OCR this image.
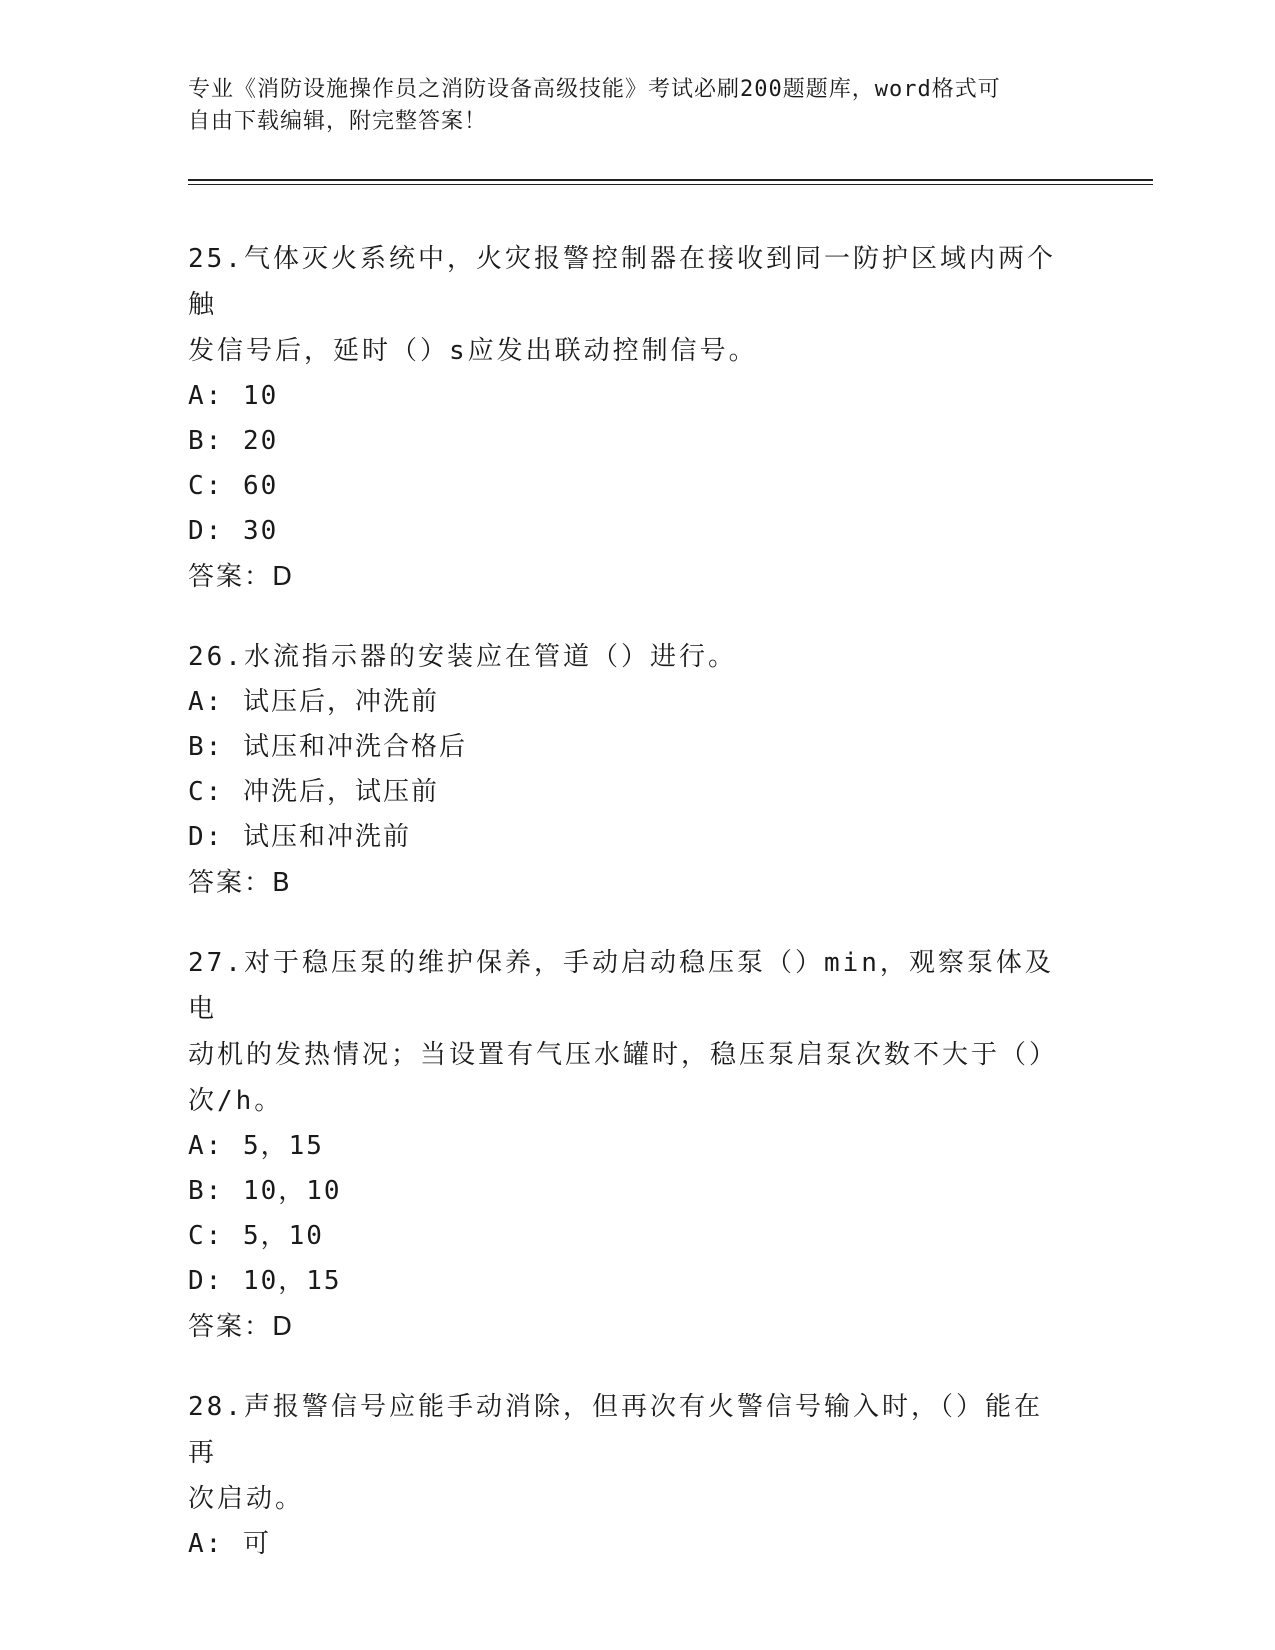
专业《消防设施操作员之消防设备高级技能》考试必刷200题题库，word格式可
自由下载编辑，附完整答案！
25.气体灭火系统中，火灾报警控制器在接收到同一防护区域内两个触
发信号后，延时（）s应发出联动控制信号。
A: 10
B: 20
C: 60
D: 30
答案：D
26.水流指示器的安装应在管道（）进行。
A: 试压后，冲洗前
B: 试压和冲洗合格后
C: 冲洗后，试压前
D: 试压和冲洗前
答案：B
27.对于稳压泵的维护保养，手动启动稳压泵（）min，观察泵体及电
动机的发热情况；当设置有气压水罐时，稳压泵启泵次数不大于（）
次/h。
A: 5，15
B: 10，10
C: 5，10
D: 10，15
答案：D
28.声报警信号应能手动消除，但再次有火警信号输入时，（）能在再
次启动。
A: 可
